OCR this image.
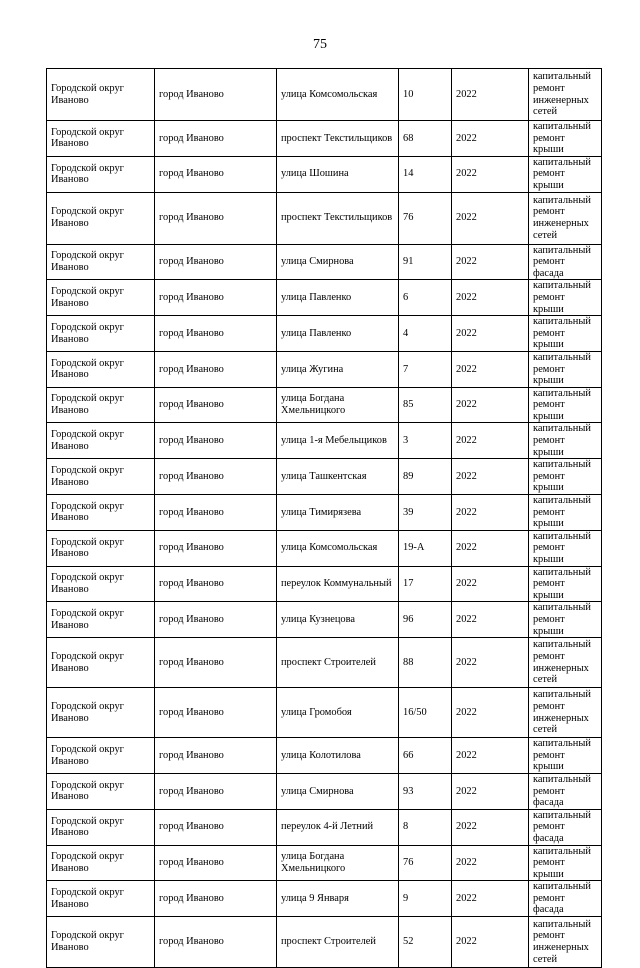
75
Городской округ Иваново	город Иваново	улица Комсомольская	10	2022	капитальный ремонт инженерных сетей
Городской округ Иваново	город Иваново	проспект Текстильщиков	68	2022	капитальный ремонт крыши
Городской округ Иваново	город Иваново	улица Шошина	14	2022	капитальный ремонт крыши
Городской округ Иваново	город Иваново	проспект Текстильщиков	76	2022	капитальный ремонт инженерных сетей
Городской округ Иваново	город Иваново	улица Смирнова	91	2022	капитальный ремонт фасада
Городской округ Иваново	город Иваново	улица Павленко	6	2022	капитальный ремонт крыши
Городской округ Иваново	город Иваново	улица Павленко	4	2022	капитальный ремонт крыши
Городской округ Иваново	город Иваново	улица Жугина	7	2022	капитальный ремонт крыши
Городской округ Иваново	город Иваново	улица Богдана Хмельницкого	85	2022	капитальный ремонт крыши
Городской округ Иваново	город Иваново	улица 1-я Мебельщиков	3	2022	капитальный ремонт крыши
Городской округ Иваново	город Иваново	улица Ташкентская	89	2022	капитальный ремонт крыши
Городской округ Иваново	город Иваново	улица Тимирязева	39	2022	капитальный ремонт крыши
Городской округ Иваново	город Иваново	улица Комсомольская	19-А	2022	капитальный ремонт крыши
Городской округ Иваново	город Иваново	переулок Коммунальный	17	2022	капитальный ремонт крыши
Городской округ Иваново	город Иваново	улица Кузнецова	96	2022	капитальный ремонт крыши
Городской округ Иваново	город Иваново	проспект Строителей	88	2022	капитальный ремонт инженерных сетей
Городской округ Иваново	город Иваново	улица Громобоя	16/50	2022	капитальный ремонт инженерных сетей
Городской округ Иваново	город Иваново	улица Колотилова	66	2022	капитальный ремонт крыши
Городской округ Иваново	город Иваново	улица Смирнова	93	2022	капитальный ремонт фасада
Городской округ Иваново	город Иваново	переулок 4-й Летний	8	2022	капитальный ремонт фасада
Городской округ Иваново	город Иваново	улица Богдана Хмельницкого	76	2022	капитальный ремонт крыши
Городской округ Иваново	город Иваново	улица 9 Января	9	2022	капитальный ремонт фасада
Городской округ Иваново	город Иваново	проспект Строителей	52	2022	капитальный ремонт инженерных сетей
